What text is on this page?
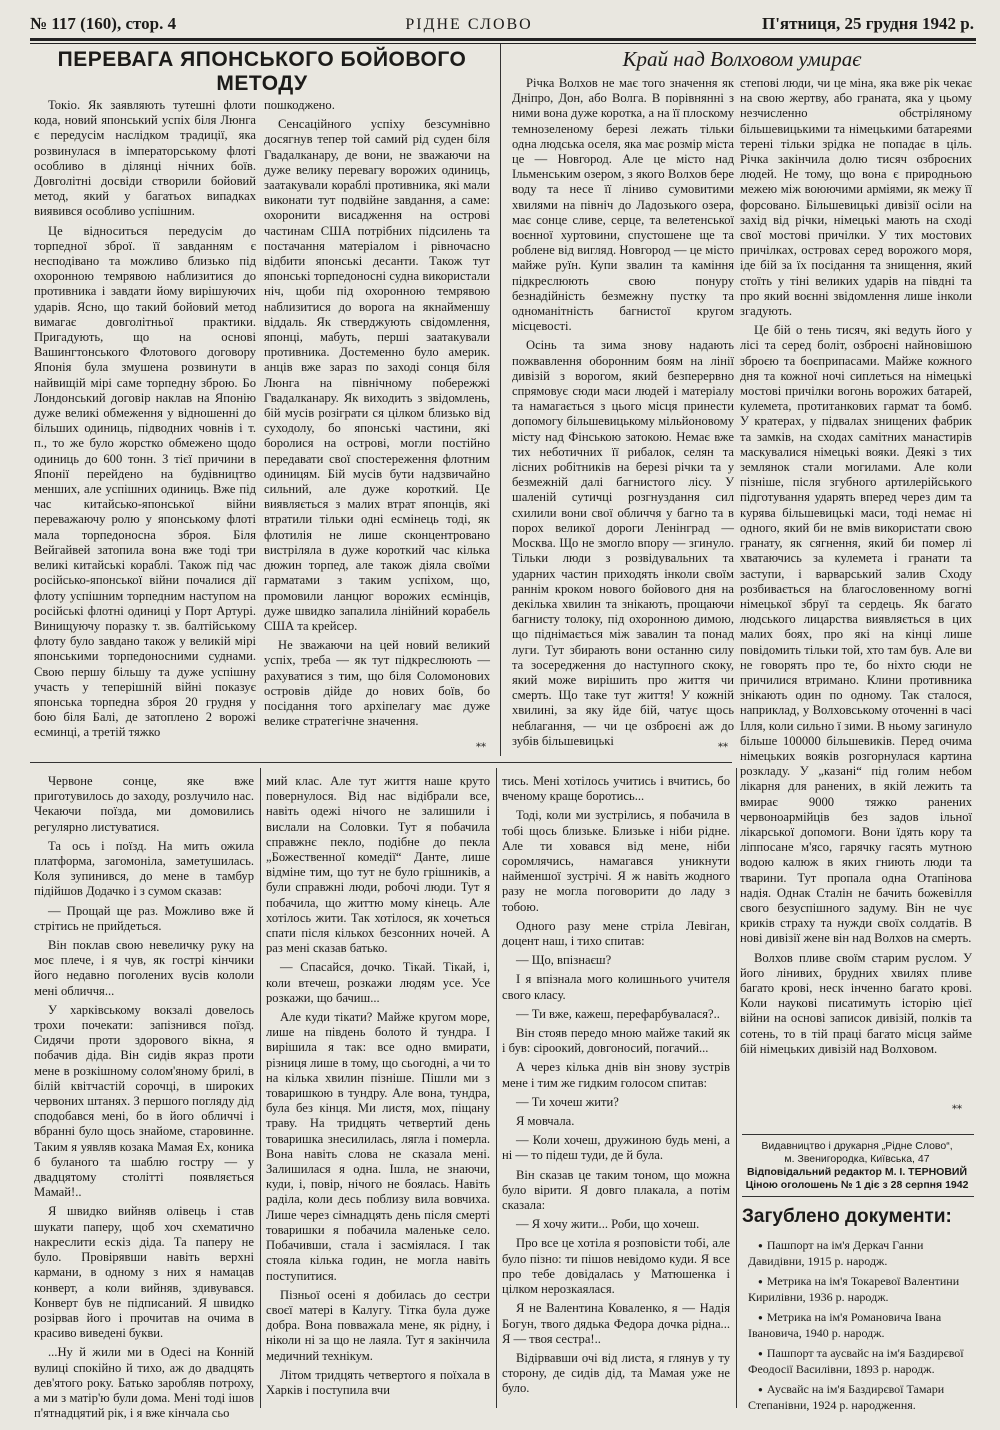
№ 117 (160), стор. 4	РІДНЕ СЛОВО	П'ятниця, 25 грудня 1942 р.
ПЕРЕВАГА ЯПОНСЬКОГО БОЙОВОГО МЕТОДУ

Токіо. Як заявляють тутешні флоти кода, новий японський успіх біля Люнга є передусім наслідком традиції, яка розвинулася в імператорському флоті особливо в ділянці нічних боїв. Довголітні досвіди створили бойовий метод, який у багатьох випадках виявився особливо успішним.

Це відноситься передусім до торпедної зброї. її завданням є несподівано та можливо близько під охоронною темрявою наблизитися до противника і завдати йому вирішуючих ударів. Ясно, що такий бойовий метод вимагає довголітньої практики. Пригадують, що на основі Вашингтонського Флотового договору Японія була змушена розвинути в найвищій мірі саме торпедну зброю. Бо Лондонський договір наклав на Японію дуже великі обмеження у відношенні до більших одиниць, підводних човнів і т. п., то же було жорстко обмежено щодо одиниць до 600 тонн. З тієї причини в Японії перейдено на будівництво менших, але успішних одиниць. Вже під час китайсько-японської війни переважаючу ролю у японському флоті мала торпедоносна зброя. Біля Вейгайвей затопила вона вже тоді три великі китайські кораблі. Також під час російсько-японської війни почалися дії флоту успішним торпедним наступом на російські флотні одиниці у Порт Артурі. Винищуючу поразку т. зв. балтійському флоту було завдано також у великій мірі японськими торпедоносними суднами. Свою першу більшу та дуже успішну участь у теперішній війні показує японська торпедна зброя 20 грудня у бою біля Балі, де затоплено 2 ворожі есминці, а третій тяжко

пошкоджено.

Сенсаційного успіху безсумнівно досягнув тепер той самий рід суден біля Гвадалканару, де вони, не зважаючи на дуже велику перевагу ворожих одиниць, заатакували кораблі противника, які мали виконати тут подвійне завдання, а саме: охоронити висадження на острові частинам США потрібних підсилень та постачання матеріалом і рівночасно відбити японські десанти. Також тут японські торпедоносні судна використали ніч, щоби під охоронною темрявою наблизитися до ворога на якнайменшу віддаль. Як стверджують свідомлення, японці, мабуть, перші заатакували противника. Достеменно було америк. анців вже зараз по заході сонця біля Люнга на північному побережжі Гвадалканару. Як виходить з звідомлень, бій мусів розіграти ся цілком близько від суходолу, бо японські частини, які боролися на острові, могли постійно передавати свої спостереження флотним одиницям. Бій мусів бути надзвичайно сильний, але дуже короткий. Це виявляється з малих втрат японців, які втратили тільки одні есмінець тоді, як флотилія не лише сконцентровано вистріляла в дуже короткий час кілька дюжин торпед, але також діяла своїми гарматами з таким успіхом, що, промовили ланцюг ворожих есмінців, дуже швидко запалила лінійний корабель США та крейсер.

Не зважаючи на цей новий великий успіх, треба — як тут підкреслюють — рахуватися з тим, що біля Соломонових островів дійде до нових боїв, бо посідання того архіпелагу має дуже велике стратегічне значення.

Край над Волховом умирає

Річка Волхов не має того значення як Дніпро, Дон, або Волга. В порівнянні з ними вона дуже коротка, а на її плоскому темнозеленому березі лежать тільки одна людська оселя, яка має розмір міста це — Новгород. Але це місто над Ільменським озером, з якого Волхов бере воду та несе її ліниво сумовитими хвилями на північ до Ладозького озера, має сонце сливе, серце, та велетенської воєнної хуртовини, спустошене ще та роблене від вигляд. Новгород — це місто майже руїн. Купи звалин та каміння підкреслюють свою понуру безнадійність безмежну пустку та одноманітність багнистої кругом місцевості.

Осінь та зима знову надають пожвавлення оборонним боям на лінії дивізій з ворогом, який безперервно спрямовує сюди маси людей і матеріалу та намагається з цього місця принести допомогу більшевицькому мільйоновому місту над Фінською затокою. Немає вже тих неботичних її рибалок, селян та лісних робітників на березі річки та у безмежній далі багнистого лісу. У шаленій сутичці розгнуздання сил схилили вони свої обличчя у багно та в порох великої дороги Ленінград — Москва. Що не змогло впору — згинуло. Тільки люди з розвідувальних та ударних частин приходять інколи своїм раннім кроком нового бойового дня на декілька хвилин та знікають, прощаючи багнисту толоку, під охоронною димою, що піднімається між завалин та понад луги. Тут збирають вони останню силу та зосередження до наступного скоку, який може вирішить про життя чи смерть. Що таке тут життя! У кожній хвилині, за яку йде бій, чатує щось неблагання, — чи це озброєні аж до зубів більшевицькі

степові люди, чи це міна, яка вже рік чекає на свою жертву, або граната, яка у цьому незчисленно обстріляному більшевицькими та німецькими батареями терені тільки зрідка не попадає в ціль. Річка закінчила долю тисяч озброєних людей. Не тому, що вона є природньою межею між воюючими арміями, як межу її форсовано. Більшевицькі дивізії осіли на захід від річки, німецькі мають на сході свої мостові причілки. У тих мостових причілках, островах серед ворожого моря, іде бій за їх посідання та знищення, який стоїть у тіні великих ударів на півдні та про який воєнні звідомлення лише інколи згадують.

Це бій о тень тисяч, які ведуть його у лісі та серед боліт, озброєні найновішою зброєю та боєприпасами. Майже кожного дня та кожної ночі сиплеться на німецькі мостові причілки вогонь ворожих батарей, кулемета, протитанкових гармат та бомб. У кратерах, у підвалах знищених фабрик та замків, на сходах самітних манастирів маскувалися німецькі вояки. Деякі з тих землянок стали могилами. Але коли пізніше, після згубного артилерійського підготування ударять вперед через дим та курява більшевицькі маси, тоді немає ні одного, який би не вмів використати свою гранату, як сягнення, який би помер лі хватаючись за кулемета і гранати та заступи, і варварський залив Сходу розбивається на благословенному вогні німецької збруї та сердець. Як багато людського лицарства виявляється в цих малих боях, про які на кінці лише повідомить тільки той, хто там був. Але ви не говорять про те, бо ніхто сюди не причилися втримано. Клини противника знікають один по одному. Так сталося, наприклад, у Волховському оточенні в часі Ілля, коли сильно ї зими. В ньому загинуло більше 100000 більшевиків. Перед очима німецьких вояків розгорнулася картина розкладу. У „казані“ під голим небом лікарня для ранених, в якій лежить та вмирає 9000 тяжко ранених червоноармійців без задов ільної лікарської допомоги. Вони їдять кору та ліппосане м'ясо, гарячку гасять мутною водою калюж в яких гниють люди та тварини. Тут пропала одна Отапінова надія. Однак Сталін не бачить божевілля свого безуспішного задуму. Він не чує криків страху та нужди своїх солдатів. В нові дивізії жене він над Волхов на смерть.

Волхов пливе своїм старим руслом. У його лінивих, брудних хвилях пливе багато крові, неск інченно багато крові. Коли наукові писатимуть історію цієї війни на основі записок дивізій, полків та сотень, то в тій праці багато місця займе бій німецьких дивізій над Волховом.

Червоне сонце, яке вже приготувилось до заходу, розлучило нас. Чекаючи поїзда, ми домовились регулярно листуватися.

Та ось і поїзд. На мить ожила платформа, загомоніла, заметушилась. Коля зупинився, до мене в тамбур підійшов Додачко і з сумом сказав:

— Прощай ще раз. Можливо вже й стрітись не прийдеться.

Він поклав свою невеличку руку на моє плече, і я чув, як гострі кінчики його недавно поголених вусів кололи мені обличчя...

У харківському вокзалі довелось трохи почекати: запізнився поїзд. Сидячи проти здорового вікна, я побачив діда. Він сидів якраз проти мене в розкішному солом'яному брилі, в білій квітчастій сорочці, в широких червоних штанях. З першого погляду дід сподобався мені, бо в його обличчі і вбранні було щось знайоме, старовинне. Таким я уявляв козака Мамая Ех, коника б буланого та шаблю гостру — у двадцятому столітті появляється Мамай!..

Я швидко вийняв олівець і став шукати паперу, щоб хоч схематично накреслити ескіз діда. Та паперу не було. Провірявши навіть верхні кармани, в одному з них я намацав конверт, а коли вийняв, здивувався. Конверт був не підписаний. Я швидко розірвав його і прочитав на очима в красиво виведені букви.

...Ну й жили ми в Одесі на Конній вулиці спокійно й тихо, аж до двадцять дев'ятого року. Батько заробляв потроху, а ми з матір'ю були дома. Мені тоді ішов п'ятнадцятий рік, і я вже кінчала сьо

мий клас. Але тут життя наше круто повернулося. Від нас відібрали все, навіть одежі нічого не залишили і вислали на Соловки. Тут я побачила справжнє пекло, подібне до пекла „Божественної комедії“ Данте, лише відміне тим, що тут не було грішників, а були справжні люди, робочі люди. Тут я побачила, що життю мому кінець. Але хотілось жити. Так хотілося, як хочеться спати після кількох безсонних ночей. А раз мені сказав батько.

— Спасайся, дочко. Тікай. Тікай, і, коли втечеш, розкажи людям усе. Усе розкажи, що бачиш...

Але куди тікати? Майже кругом море, лише на південь болото й тундра. І вирішила я так: все одно вмирати, різниця лише в тому, що сьогодні, а чи то на кілька хвилин пізніше. Пішли ми з товаришкою в тундру. Але вона, тундра, була без кінця. Ми листя, мох, піщану траву. На тридцять четвертий день товаришка знесилилась, лягла і померла. Вона навіть слова не сказала мені. Залишилася я одна. Ішла, не знаючи, куди, і, повір, нічого не боялась. Навіть раділа, коли десь поблизу вила вовчиха. Лише через сімнадцять день після смерті товаришки я побачила маленьке село. Побачивши, стала і засміялася. І так стояла кілька годин, не могла навіть поступитися.

Пізньої осені я добилась до сестри своєї матері в Калугу. Тітка була дуже добра. Вона повважала мене, як рідну, і ніколи ні за що не лаяла. Тут я закінчила медичний технікум.

Літом тридцять четвертого я поїхала в Харків і поступила вчи

тись. Мені хотілось учитись і вчитись, бо вченому краще боротись...

Тоді, коли ми зустрілись, я побачила в тобі щось близьке. Близьке і ніби рідне. Але ти ховався від мене, ніби соромлячись, намагався уникнути найменшої зустрічі. Я ж навіть жодного разу не могла поговорити до ладу з тобою.

Одного разу мене стріла Левіган, доцент наш, і тихо спитав:

— Що, впізнаєш?

І я впізнала мого колишнього учителя свого класу.

— Ти вже, кажеш, перефарбувалася?..

Він стояв передо мною майже такий як і був: сіроокий, довгоносий, погачий...

А через кілька днів він знову зустрів мене і тим же гидким голосом спитав:

— Ти хочеш жити?

Я мовчала.

— Коли хочеш, дружиною будь мені, а ні — то підеш туди, де й була.

Він сказав це таким тоном, що можна було вірити. Я довго плакала, а потім сказала:

— Я хочу жити... Роби, що хочеш.

Про все це хотіла я розповісти тобі, але було пізно: ти пішов невідомо куди. Я все про тебе довідалась у Матюшенка і цілком нерозкаялася.

Я не Валентина Коваленко, я — Надія Богун, твого дядька Федора дочка рідна... Я — твоя сестра!..

Відірвавши очі від листа, я глянув у ту сторону, де сидів дід, та Мамая уже не було.

Видавництво і друкарня „Рідне Слово“,
м. Звенигородка, Київська, 47
Відповідальний редактор М. І. ТЕРНОВИЙ
Ціною оголошень № 1 діє з 28 серпня 1942
Загублено документи:
● Пашпорт на ім'я Деркач Ганни Давидівни, 1915 р. народж.
● Метрика на ім'я Токаревої Валентини Кирилівни, 1936 р. народж.
● Метрика на ім'я Романовича Івана Івановича, 1940 р. народж.
● Пашпорт та аусвайс на ім'я Баздирєвої Феодосії Василівни, 1893 р. народж.
● Аусвайс на ім'я Баздирєвої Тамари Степанівни, 1924 р. народження.
**	**
**
